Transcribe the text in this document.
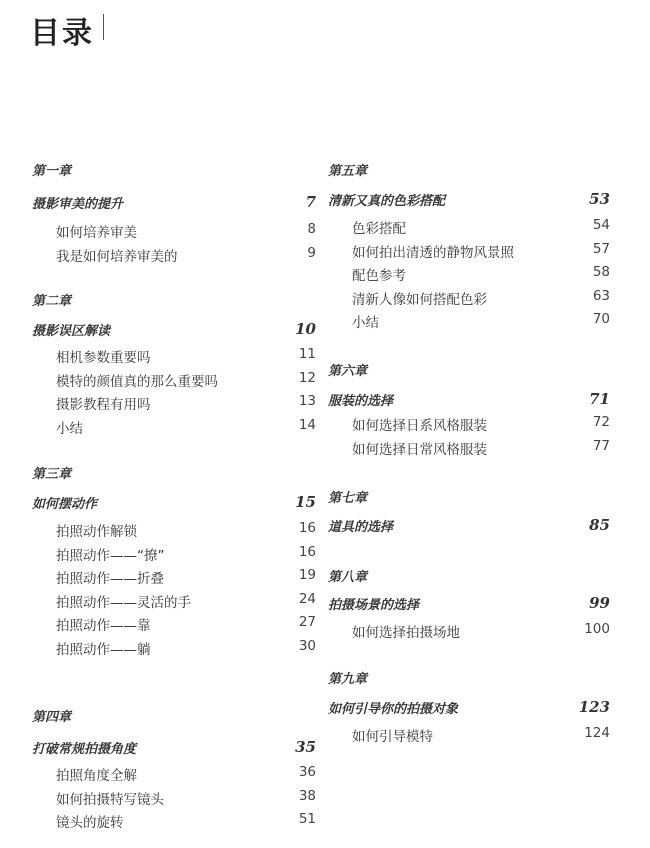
目录
第一章
摄影审美的提升	7
如何培养审美	8
我是如何培养审美的	9
第二章
摄影误区解读	10
相机参数重要吗	11
模特的颜值真的那么重要吗	12
摄影教程有用吗	13
小结	14
第三章
如何摆动作	15
拍照动作解锁	16
拍照动作——“撩”	16
拍照动作——折叠	19
拍照动作——灵活的手	24
拍照动作——靠	27
拍照动作——躺	30
第四章
打破常规拍摄角度	35
拍照角度全解	36
如何拍摄特写镜头	38
镜头的旋转	51
第五章
清新又真的色彩搭配	53
色彩搭配	54
如何拍出清透的静物风景照	57
配色参考	58
清新人像如何搭配色彩	63
小结	70
第六章
服装的选择	71
如何选择日系风格服装	72
如何选择日常风格服装	77
第七章
道具的选择	85
第八章
拍摄场景的选择	99
如何选择拍摄场地	100
第九章
如何引导你的拍摄对象	123
如何引导模特	124
